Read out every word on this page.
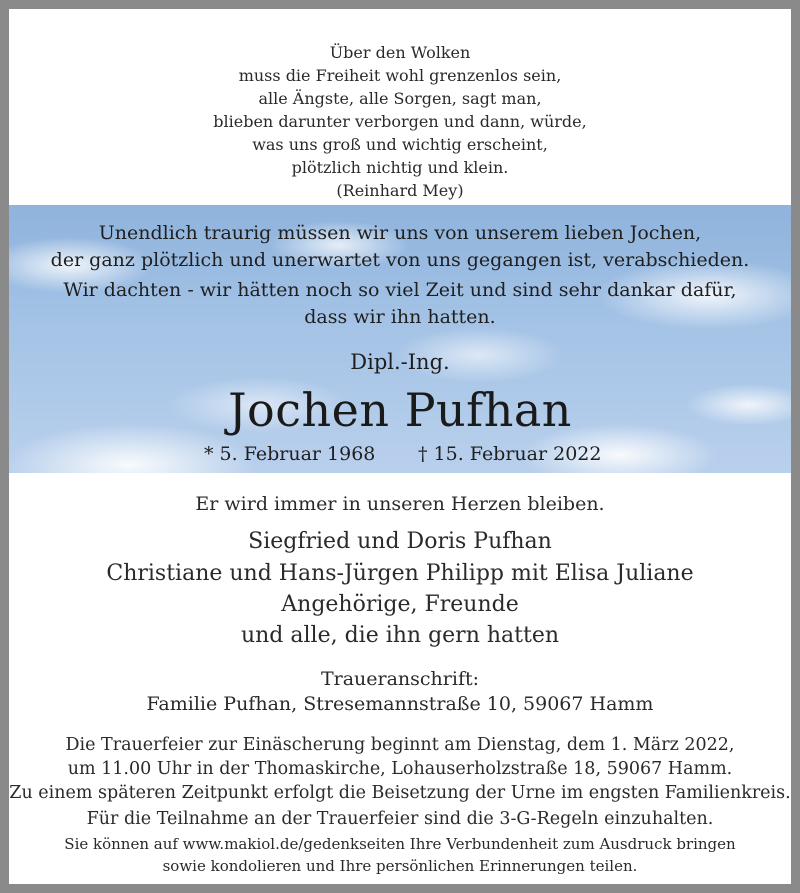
Über den Wolken
muss die Freiheit wohl grenzenlos sein,
alle Ängste, alle Sorgen, sagt man,
blieben darunter verborgen und dann, würde,
was uns groß und wichtig erscheint,
plötzlich nichtig und klein.
(Reinhard Mey)
Unendlich traurig müssen wir uns von unserem lieben Jochen,
der ganz plötzlich und unerwartet von uns gegangen ist, verabschieden.
Wir dachten - wir hätten noch so viel Zeit und sind sehr dankar dafür,
dass wir ihn hatten.
Dipl.-Ing.
Jochen Pufhan
* 5. Februar 1968 † 15. Februar 2022
Er wird immer in unseren Herzen bleiben.
Siegfried und Doris Pufhan
Christiane und Hans-Jürgen Philipp mit Elisa Juliane
Angehörige, Freunde
und alle, die ihn gern hatten
Traueranschrift:
Familie Pufhan, Stresemannstraße 10, 59067 Hamm
Die Trauerfeier zur Einäscherung beginnt am Dienstag, dem 1. März 2022,
um 11.00 Uhr in der Thomaskirche, Lohauserholzstraße 18, 59067 Hamm.
Zu einem späteren Zeitpunkt erfolgt die Beisetzung der Urne im engsten Familienkreis.
Für die Teilnahme an der Trauerfeier sind die 3-G-Regeln einzuhalten.
Sie können auf www.makiol.de/gedenkseiten Ihre Verbundenheit zum Ausdruck bringen
sowie kondolieren und Ihre persönlichen Erinnerungen teilen.
